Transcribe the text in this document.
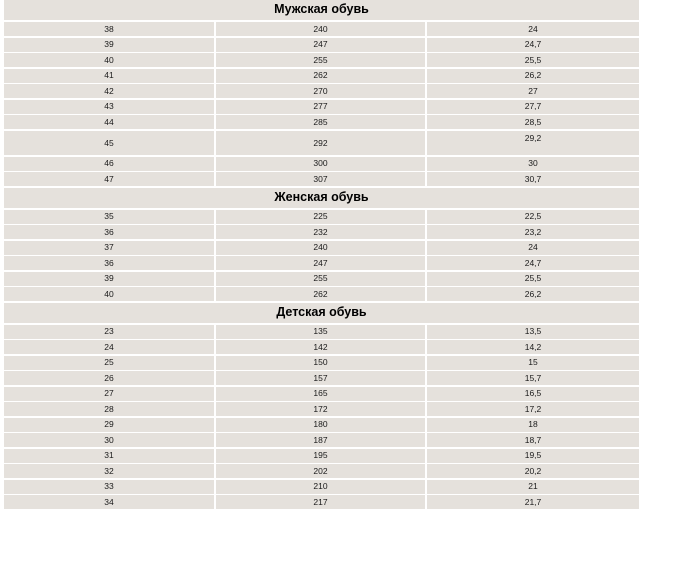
Мужская обувь
38	240	24
39	247	24,7
40	255	25,5
41	262	26,2
42	270	27
43	277	27,7
44	285	28,5
45	292	29,2
46	300	30
47	307	30,7
Женская обувь
35	225	22,5
36	232	23,2
37	240	24
36	247	24,7
39	255	25,5
40	262	26,2
Детская обувь
23	135	13,5
24	142	14,2
25	150	15
26	157	15,7
27	165	16,5
28	172	17,2
29	180	18
30	187	18,7
31	195	19,5
32	202	20,2
33	210	21
34	217	21,7
